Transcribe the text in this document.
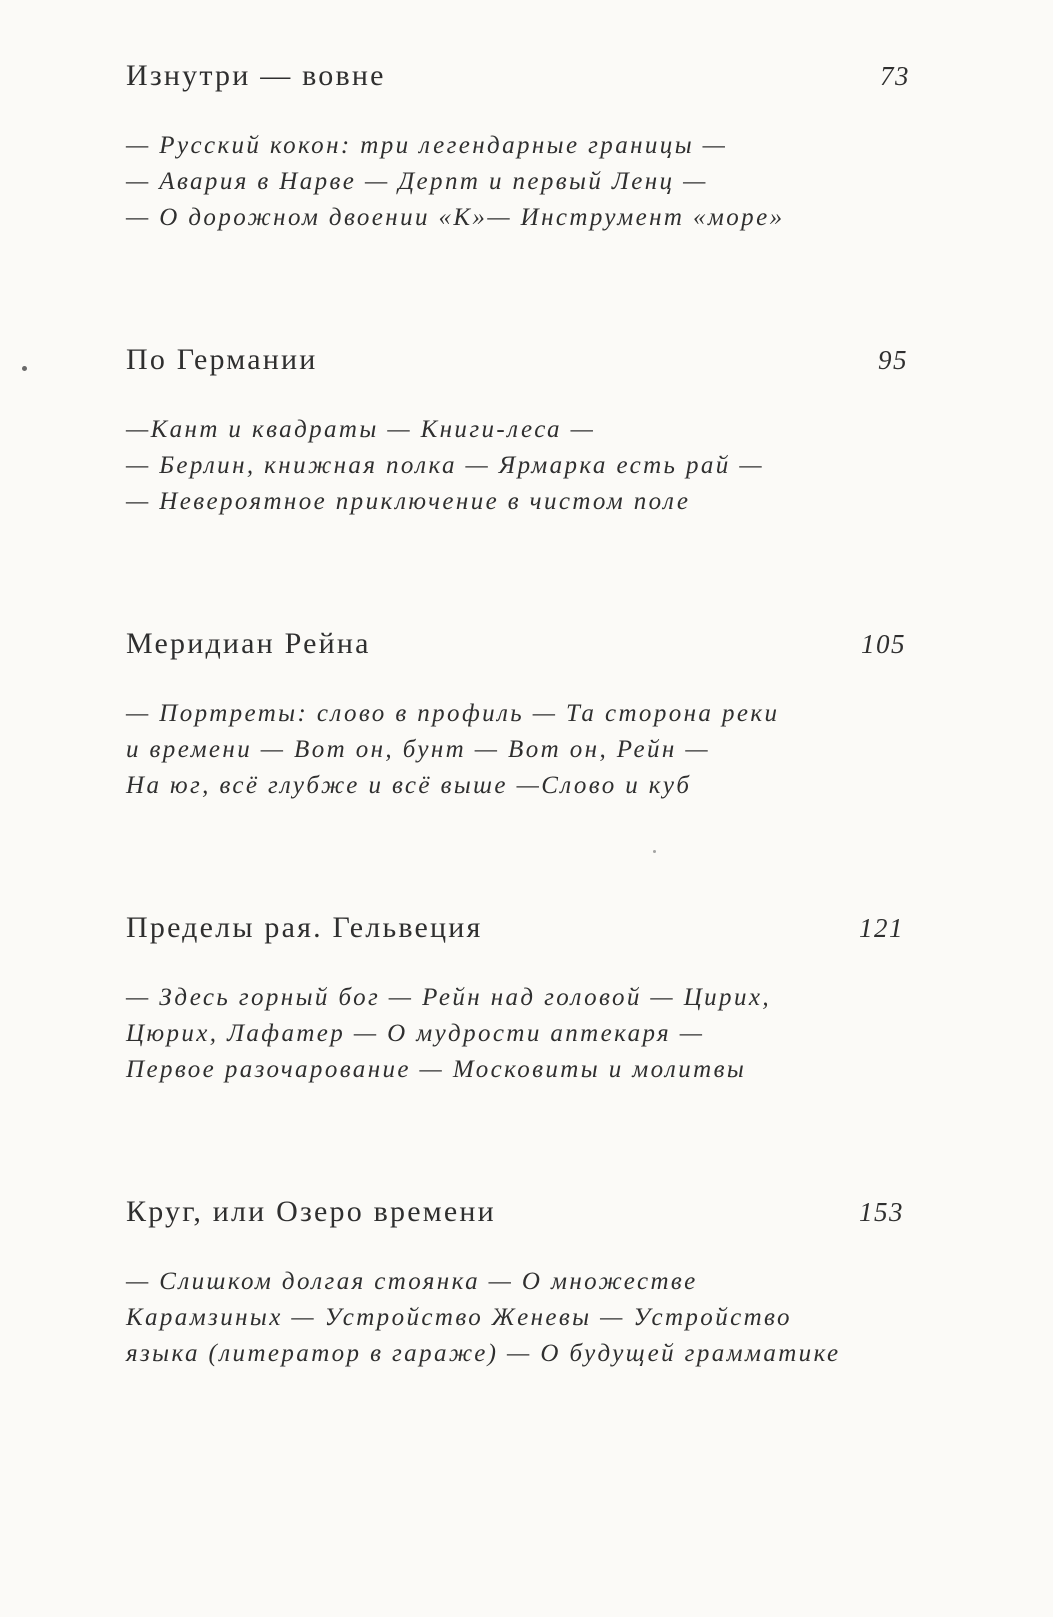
Изнутри — вовне	73
— Русский кокон: три легендарные границы —
— Авария в Нарве — Дерпт и первый Ленц —
— О дорожном двоении «К»— Инструмент «море»
По Германии	95
—Кант и квадраты — Книги-леса —
— Берлин, книжная полка — Ярмарка есть рай —
— Невероятное приключение в чистом поле
Меридиан Рейна	105
— Портреты: слово в профиль — Та сторона реки
и времени — Вот он, бунт — Вот он, Рейн —
На юг, всё глубже и всё выше —Слово и куб
Пределы рая. Гельвеция	121
— Здесь горный бог — Рейн над головой — Цирих,
Цюрих, Лафатер — О мудрости аптекаря —
Первое разочарование — Московиты и молитвы
Круг, или Озеро времени	153
— Слишком долгая стоянка — О множестве
Карамзиных — Устройство Женевы — Устройство
языка (литератор в гараже) — О будущей грамматике
